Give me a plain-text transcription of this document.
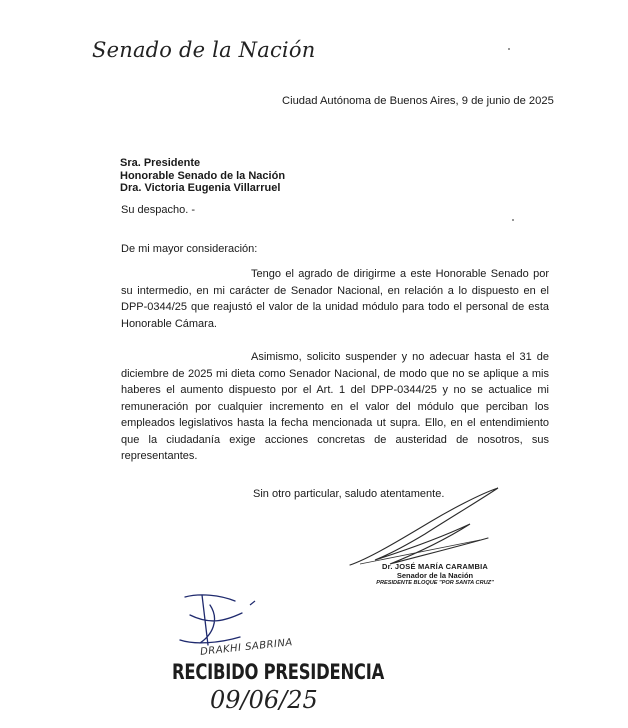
Senado de la Nación
Ciudad Autónoma de Buenos Aires, 9 de junio de 2025
Sra. Presidente
Honorable Senado de la Nación
Dra. Victoria Eugenia Villarruel
Su despacho. -
De mi mayor consideración:
Tengo el agrado de dirigirme a este Honorable Senado por su intermedio, en mi carácter de Senador Nacional, en relación a lo dispuesto en el DPP-0344/25 que reajustó el valor de la unidad módulo para todo el personal de esta Honorable Cámara.
Asimismo, solicito suspender y no adecuar hasta el 31 de diciembre de 2025 mi dieta como Senador Nacional, de modo que no se aplique a mis haberes el aumento dispuesto por el Art. 1 del DPP-0344/25 y no se actualice mi remuneración por cualquier incremento en el valor del módulo que perciban los empleados legislativos hasta la fecha mencionada ut supra. Ello, en el entendimiento que la ciudadanía exige acciones concretas de austeridad de nosotros, sus representantes.
Sin otro particular, saludo atentamente.
Dr. JOSÉ MARÍA CARAMBIA
Senador de la Nación
PRESIDENTE BLOQUE "POR SANTA CRUZ"
DRAKHI SABRINA
RECIBIDO PRESIDENCIA
09/06/25
